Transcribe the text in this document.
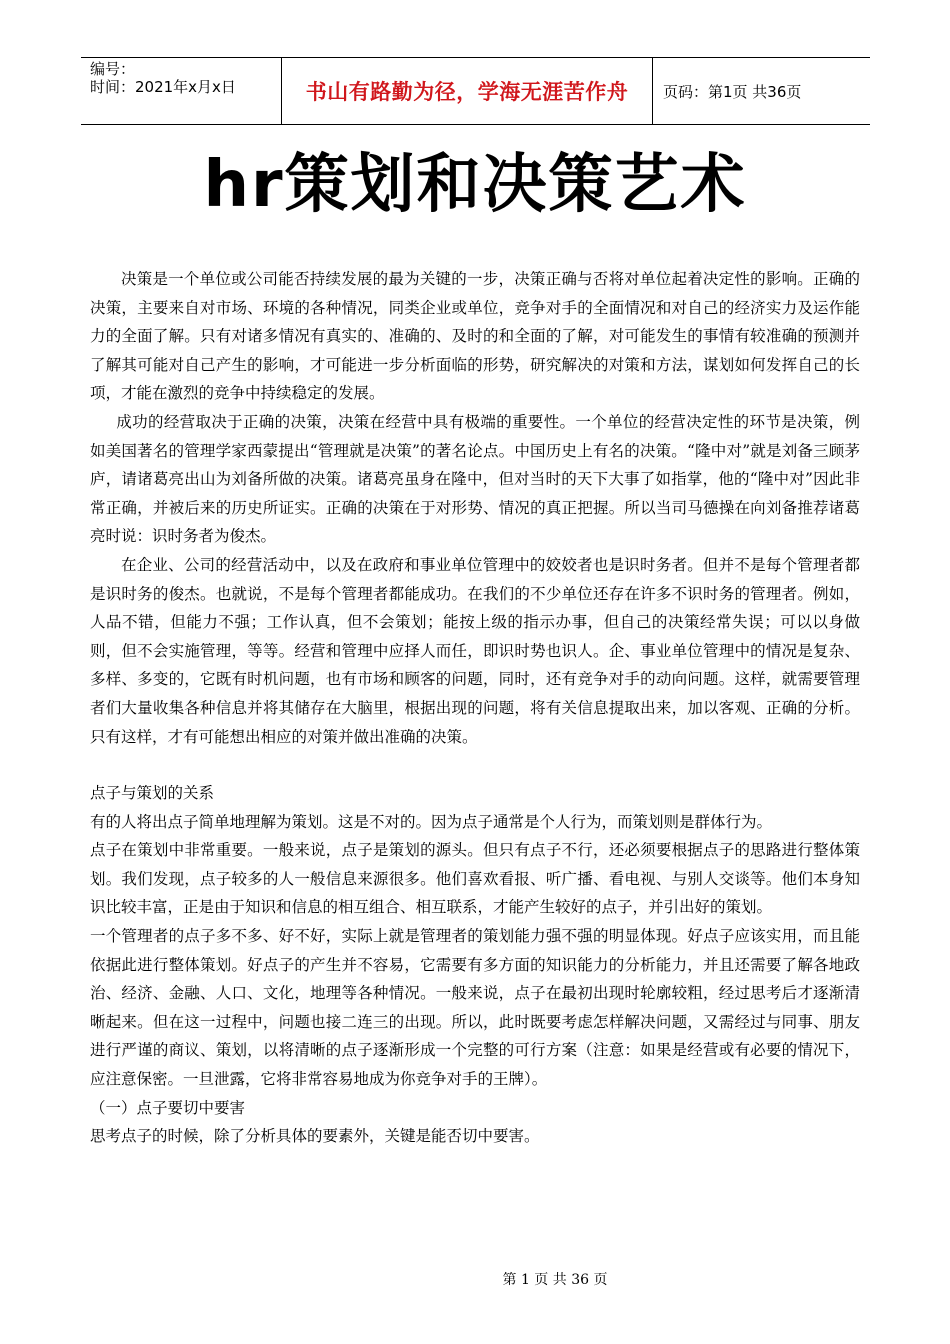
编号：
时间：2021年x月x日	书山有路勤为径，学海无涯苦作舟	页码：第1页 共36页
hr策划和决策艺术

决策是一个单位或公司能否持续发展的最为关键的一步，决策正确与否将对单位起着决定性的影响。正确的决策，主要来自对市场、环境的各种情况，同类企业或单位，竞争对手的全面情况和对自己的经济实力及运作能力的全面了解。只有对诸多情况有真实的、准确的、及时的和全面的了解，对可能发生的事情有较准确的预测并了解其可能对自己产生的影响，才可能进一步分析面临的形势，研究解决的对策和方法，谋划如何发挥自己的长项，才能在激烈的竞争中持续稳定的发展。

成功的经营取决于正确的决策，决策在经营中具有极端的重要性。一个单位的经营决定性的环节是决策，例如美国著名的管理学家西蒙提出“管理就是决策”的著名论点。中国历史上有名的决策。“隆中对”就是刘备三顾茅庐，请诸葛亮出山为刘备所做的决策。诸葛亮虽身在隆中，但对当时的天下大事了如指掌，他的“隆中对”因此非常正确，并被后来的历史所证实。正确的决策在于对形势、情况的真正把握。所以当司马德操在向刘备推荐诸葛亮时说：识时务者为俊杰。

在企业、公司的经营活动中，以及在政府和事业单位管理中的姣姣者也是识时务者。但并不是每个管理者都是识时务的俊杰。也就说，不是每个管理者都能成功。在我们的不少单位还存在许多不识时务的管理者。例如，人品不错，但能力不强；工作认真，但不会策划；能按上级的指示办事，但自己的决策经常失误；可以以身做则，但不会实施管理，等等。经营和管理中应择人而任，即识时势也识人。企、事业单位管理中的情况是复杂、多样、多变的，它既有时机问题，也有市场和顾客的问题，同时，还有竞争对手的动向问题。这样，就需要管理者们大量收集各种信息并将其储存在大脑里，根据出现的问题，将有关信息提取出来，加以客观、正确的分析。只有这样，才有可能想出相应的对策并做出准确的决策。

点子与策划的关系

有的人将出点子简单地理解为策划。这是不对的。因为点子通常是个人行为，而策划则是群体行为。

点子在策划中非常重要。一般来说，点子是策划的源头。但只有点子不行，还必须要根据点子的思路进行整体策划。我们发现，点子较多的人一般信息来源很多。他们喜欢看报、听广播、看电视、与别人交谈等。他们本身知识比较丰富，正是由于知识和信息的相互组合、相互联系，才能产生较好的点子，并引出好的策划。

一个管理者的点子多不多、好不好，实际上就是管理者的策划能力强不强的明显体现。好点子应该实用，而且能依据此进行整体策划。好点子的产生并不容易，它需要有多方面的知识能力的分析能力，并且还需要了解各地政治、经济、金融、人口、文化，地理等各种情况。一般来说，点子在最初出现时轮廓较粗，经过思考后才逐渐清晰起来。但在这一过程中，问题也接二连三的出现。所以，此时既要考虑怎样解决问题，又需经过与同事、朋友进行严谨的商议、策划，以将清晰的点子逐渐形成一个完整的可行方案（注意：如果是经营或有必要的情况下，应注意保密。一旦泄露，它将非常容易地成为你竞争对手的王牌）。

（一）点子要切中要害

思考点子的时候，除了分析具体的要素外，关键是能否切中要害。

第 1 页 共 36 页
